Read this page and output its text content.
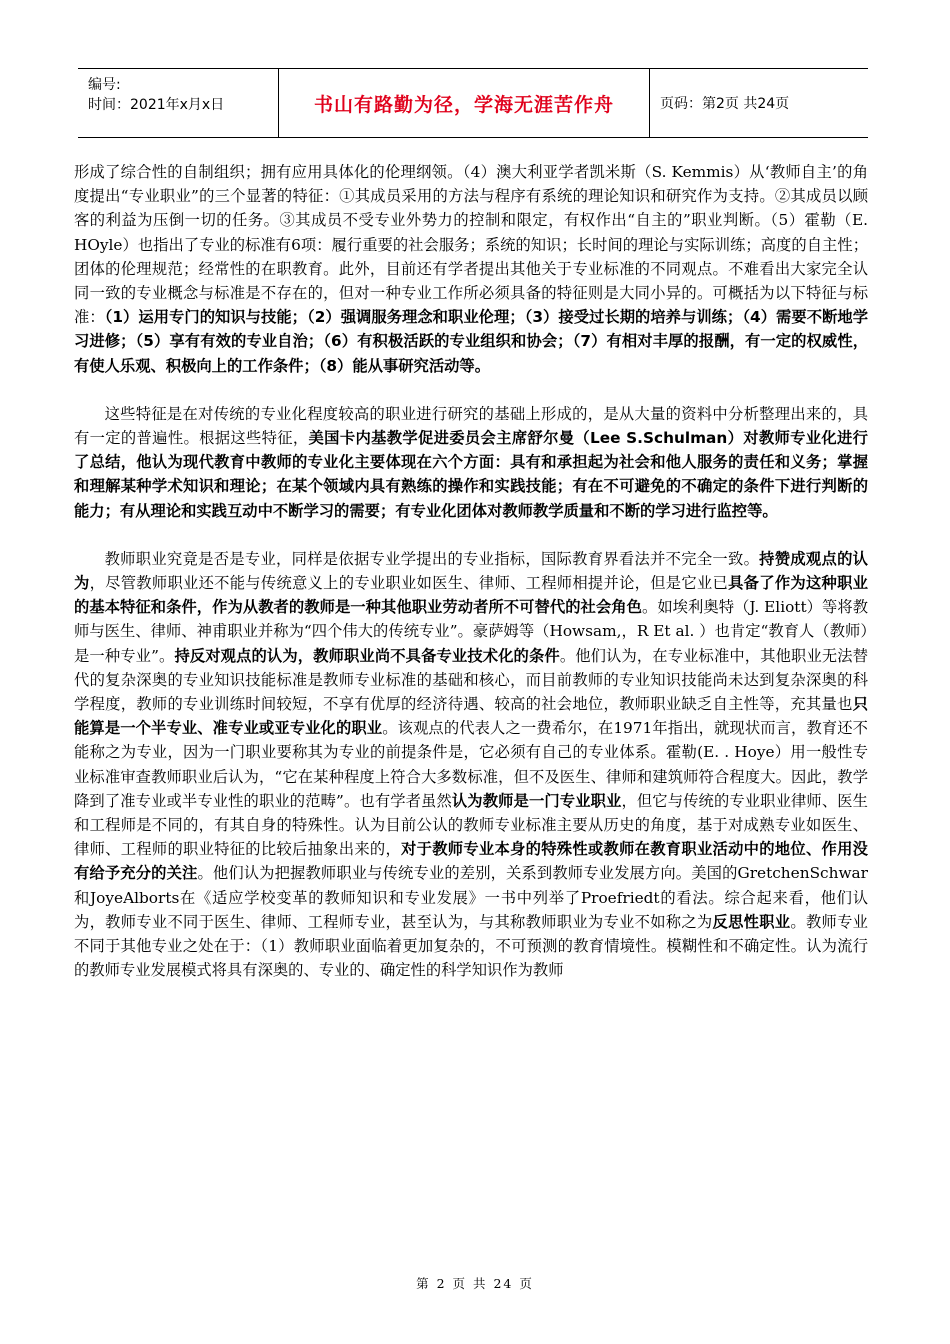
编号:
时间：2021年x月x日	书山有路勤为径，学海无涯苦作舟	页码：第2页 共24页

形成了综合性的自制组织；拥有应用具体化的伦理纲领。（4）澳大利亚学者凯米斯（S. Kemmis）从‘教师自主’的角度提出“专业职业”的三个显著的特征：①其成员采用的方法与程序有系统的理论知识和研究作为支持。②其成员以顾客的利益为压倒一切的任务。③其成员不受专业外势力的控制和限定，有权作出“自主的”职业判断。（5）霍勒（E. HOyle）也指出了专业的标准有6项：履行重要的社会服务；系统的知识；长时间的理论与实际训练；高度的自主性；团体的伦理规范；经常性的在职教育。此外，目前还有学者提出其他关于专业标准的不同观点。不难看出大家完全认同一致的专业概念与标准是不存在的，但对一种专业工作所必须具备的特征则是大同小异的。可概括为以下特征与标准：（1）运用专门的知识与技能；（2）强调服务理念和职业伦理；（3）接受过长期的培养与训练；（4）需要不断地学习进修；（5）享有有效的专业自治；（6）有积极活跃的专业组织和协会；（7）有相对丰厚的报酬，有一定的权威性，有使人乐观、积极向上的工作条件；（8）能从事研究活动等。

这些特征是在对传统的专业化程度较高的职业进行研究的基础上形成的，是从大量的资料中分析整理出来的，具有一定的普遍性。根据这些特征，美国卡内基教学促进委员会主席舒尔曼（Lee S.Schulman）对教师专业化进行了总结，他认为现代教育中教师的专业化主要体现在六个方面：具有和承担起为社会和他人服务的责任和义务；掌握和理解某种学术知识和理论；在某个领域内具有熟练的操作和实践技能；有在不可避免的不确定的条件下进行判断的能力；有从理论和实践互动中不断学习的需要；有专业化团体对教师教学质量和不断的学习进行监控等。

教师职业究竟是否是专业，同样是依据专业学提出的专业指标，国际教育界看法并不完全一致。持赞成观点的认为，尽管教师职业还不能与传统意义上的专业职业如医生、律师、工程师相提并论，但是它业已具备了作为这种职业的基本特征和条件，作为从教者的教师是一种其他职业劳动者所不可替代的社会角色。如埃利奥特（J. Eliott）等将教师与医生、律师、神甫职业并称为“四个伟大的传统专业”。豪萨姆等（Howsam,，R Et al. ）也肯定“教育人（教师）是一种专业”。持反对观点的认为，教师职业尚不具备专业技术化的条件。他们认为，在专业标准中，其他职业无法替代的复杂深奥的专业知识技能标准是教师专业标准的基础和核心，而目前教师的专业知识技能尚未达到复杂深奥的科学程度，教师的专业训练时间较短，不享有优厚的经济待遇、较高的社会地位，教师职业缺乏自主性等，充其量也只能算是一个半专业、准专业或亚专业化的职业。该观点的代表人之一费希尔，在1971年指出，就现状而言，教育还不能称之为专业，因为一门职业要称其为专业的前提条件是，它必须有自己的专业体系。霍勒(E. . Hoye）用一般性专业标准审查教师职业后认为，“它在某种程度上符合大多数标准，但不及医生、律师和建筑师符合程度大。因此，教学降到了准专业或半专业性的职业的范畴”。也有学者虽然认为教师是一门专业职业，但它与传统的专业职业律师、医生和工程师是不同的，有其自身的特殊性。认为目前公认的教师专业标准主要从历史的角度，基于对成熟专业如医生、律师、工程师的职业特征的比较后抽象出来的，对于教师专业本身的特殊性或教师在教育职业活动中的地位、作用没有给予充分的关注。他们认为把握教师职业与传统专业的差别，关系到教师专业发展方向。美国的GretchenSchwar和JoyeAlborts在《适应学校变革的教师知识和专业发展》一书中列举了Proefriedt的看法。综合起来看，他们认为，教师专业不同于医生、律师、工程师专业，甚至认为，与其称教师职业为专业不如称之为反思性职业。教师专业不同于其他专业之处在于：（1）教师职业面临着更加复杂的，不可预测的教育情境性。模糊性和不确定性。认为流行的教师专业发展模式将具有深奥的、专业的、确定性的科学知识作为教师

第 2 页 共 24 页
